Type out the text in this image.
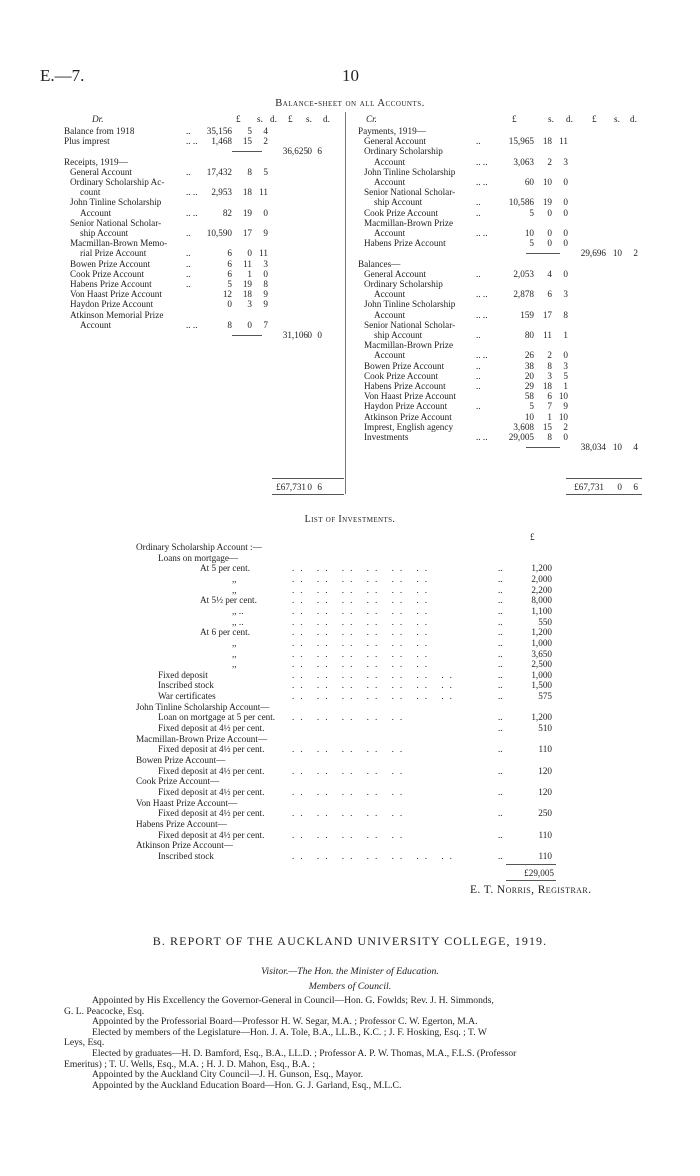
E.—7.	10
Balance-sheet on all Accounts.
Dr.	£ s. d. £ s. d.
Balance from 1918	..	35,156	5	4
Plus imprest	.. ..	1,468	15	2
36,625 0 6
Receipts, 1919—
General Account	..	17,432	8	5
Ordinary Scholarship Ac-
count	.. ..	2,953	18 11
John Tinline Scholarship
Account	.. ..	82	19	0
Senior National Scholar-
ship Account	..	10,590	17	9
Macmillan-Brown Memo-
rial Prize Account	..	6	0 11
Bowen Prize Account	..	6	11	3
Cook Prize Account	..	6	1	0
Habens Prize Account	..	5	19	8
Von Haast Prize Account	12	18	9
Haydon Prize Account	0	3	9
Atkinson Memorial Prize
Account	.. ..	8	0	7
31,106 0 0
£67,731 0 6
Cr.	£	s. d. £ s. d.
Payments, 1919—
General Account	..	15,965 18 11
Ordinary Scholarship
Account	.. ..	3,063	2	3
John Tinline Scholarship
Account	.. ..	60 10	0
Senior National Scholar-
ship Account	..	10,586 19	0
Cook Prize Account	..	5	0	0
Macmillan-Brown Prize
Account	.. ..	10	0	0
Habens Prize Account	5	0	0
29,696 10	2
Balances—
General Account	..	2,053	4	0
Ordinary Scholarship
Account	.. ..	2,878	6	3
John Tinline Scholarship
Account	.. ..	159 17	8
Senior National Scholar-
ship Account	..	80 11	1
Macmillan-Brown Prize
Account	.. ..	26	2	0
Bowen Prize Account	..	38	8	3
Cook Prize Account	..	20	3	5
Habens Prize Account	..	29 18	1
Von Haast Prize Account	58	6 10
Haydon Prize Account	..	5	7	9
Atkinson Prize Account	10	1 10
Imprest, English agency	3,608 15	2
Investments	.. ..	29,005	8	0
38,034 10	4
£67,731	0	6
List of Investments.
£
Ordinary Scholarship Account :—
Loans on mortgage—
At 5 per cent.	.. .. .. .. .. ..	..	1,200
,,	.. .. .. .. .. ..	..	2,000
,,	.. .. .. .. .. ..	..	2,200
At 5½ per cent.	.. .. .. .. .. ..	..	8,000
,, ..	.. .. .. .. .. ..	..	1,100
,, ..	.. .. .. .. .. ..	..	550
At 6 per cent.	.. .. .. .. .. ..	..	1,200
,,	.. .. .. .. .. ..	..	1,000
,,	.. .. .. .. .. ..	..	3,650
,,	.. .. .. .. .. ..	..	2,500
Fixed deposit	.. .. .. .. .. .. ..	..	1,000
Inscribed stock	.. .. .. .. .. .. ..	..	1,500
War certificates	.. .. .. .. .. .. ..	..	575
John Tinline Scholarship Account—
Loan on mortgage at 5 per cent. .. .. .. .. ..	..	1,200
Fixed deposit at 4½ per cent.	..	510
Macmillan-Brown Prize Account—
Fixed deposit at 4½ per cent.	.. .. .. .. ..	..	110
Bowen Prize Account—
Fixed deposit at 4½ per cent.	.. .. .. .. ..	..	120
Cook Prize Account—
Fixed deposit at 4½ per cent.	.. .. .. .. ..	..	120
Von Haast Prize Account—
Fixed deposit at 4½ per cent.	.. .. .. .. ..	..	250
Habens Prize Account—
Fixed deposit at 4½ per cent.	.. .. .. .. ..	..	110
Atkinson Prize Account—
Inscribed stock	.. .. .. .. .. .. ..	..	110
£29,005
E. T. Norris, Registrar.
B. REPORT OF THE AUCKLAND UNIVERSITY COLLEGE, 1919.
Visitor.—The Hon. the Minister of Education.
Members of Council.
Appointed by His Excellency the Governor-General in Council—Hon. G. Fowlds; Rev. J. H. Simmonds,
G. L. Peacocke, Esq.
Appointed by the Professorial Board—Professor H. W. Segar, M.A. ; Professor C. W. Egerton, M.A.
Elected by members of the Legislature—Hon. J. A. Tole, B.A., LL.B., K.C. ; J. F. Hosking, Esq. ; T. W
Leys, Esq.
Elected by graduates—H. D. Bamford, Esq., B.A., LL.D. ; Professor A. P. W. Thomas, M.A., F.L.S. (Professor
Emeritus) ; T. U. Wells, Esq., M.A. ; H. J. D. Mahon, Esq., B.A. ;
Appointed by the Auckland City Council—J. H. Gunson, Esq., Mayor.
Appointed by the Auckland Education Board—Hon. G. J. Garland, Esq., M.L.C.
